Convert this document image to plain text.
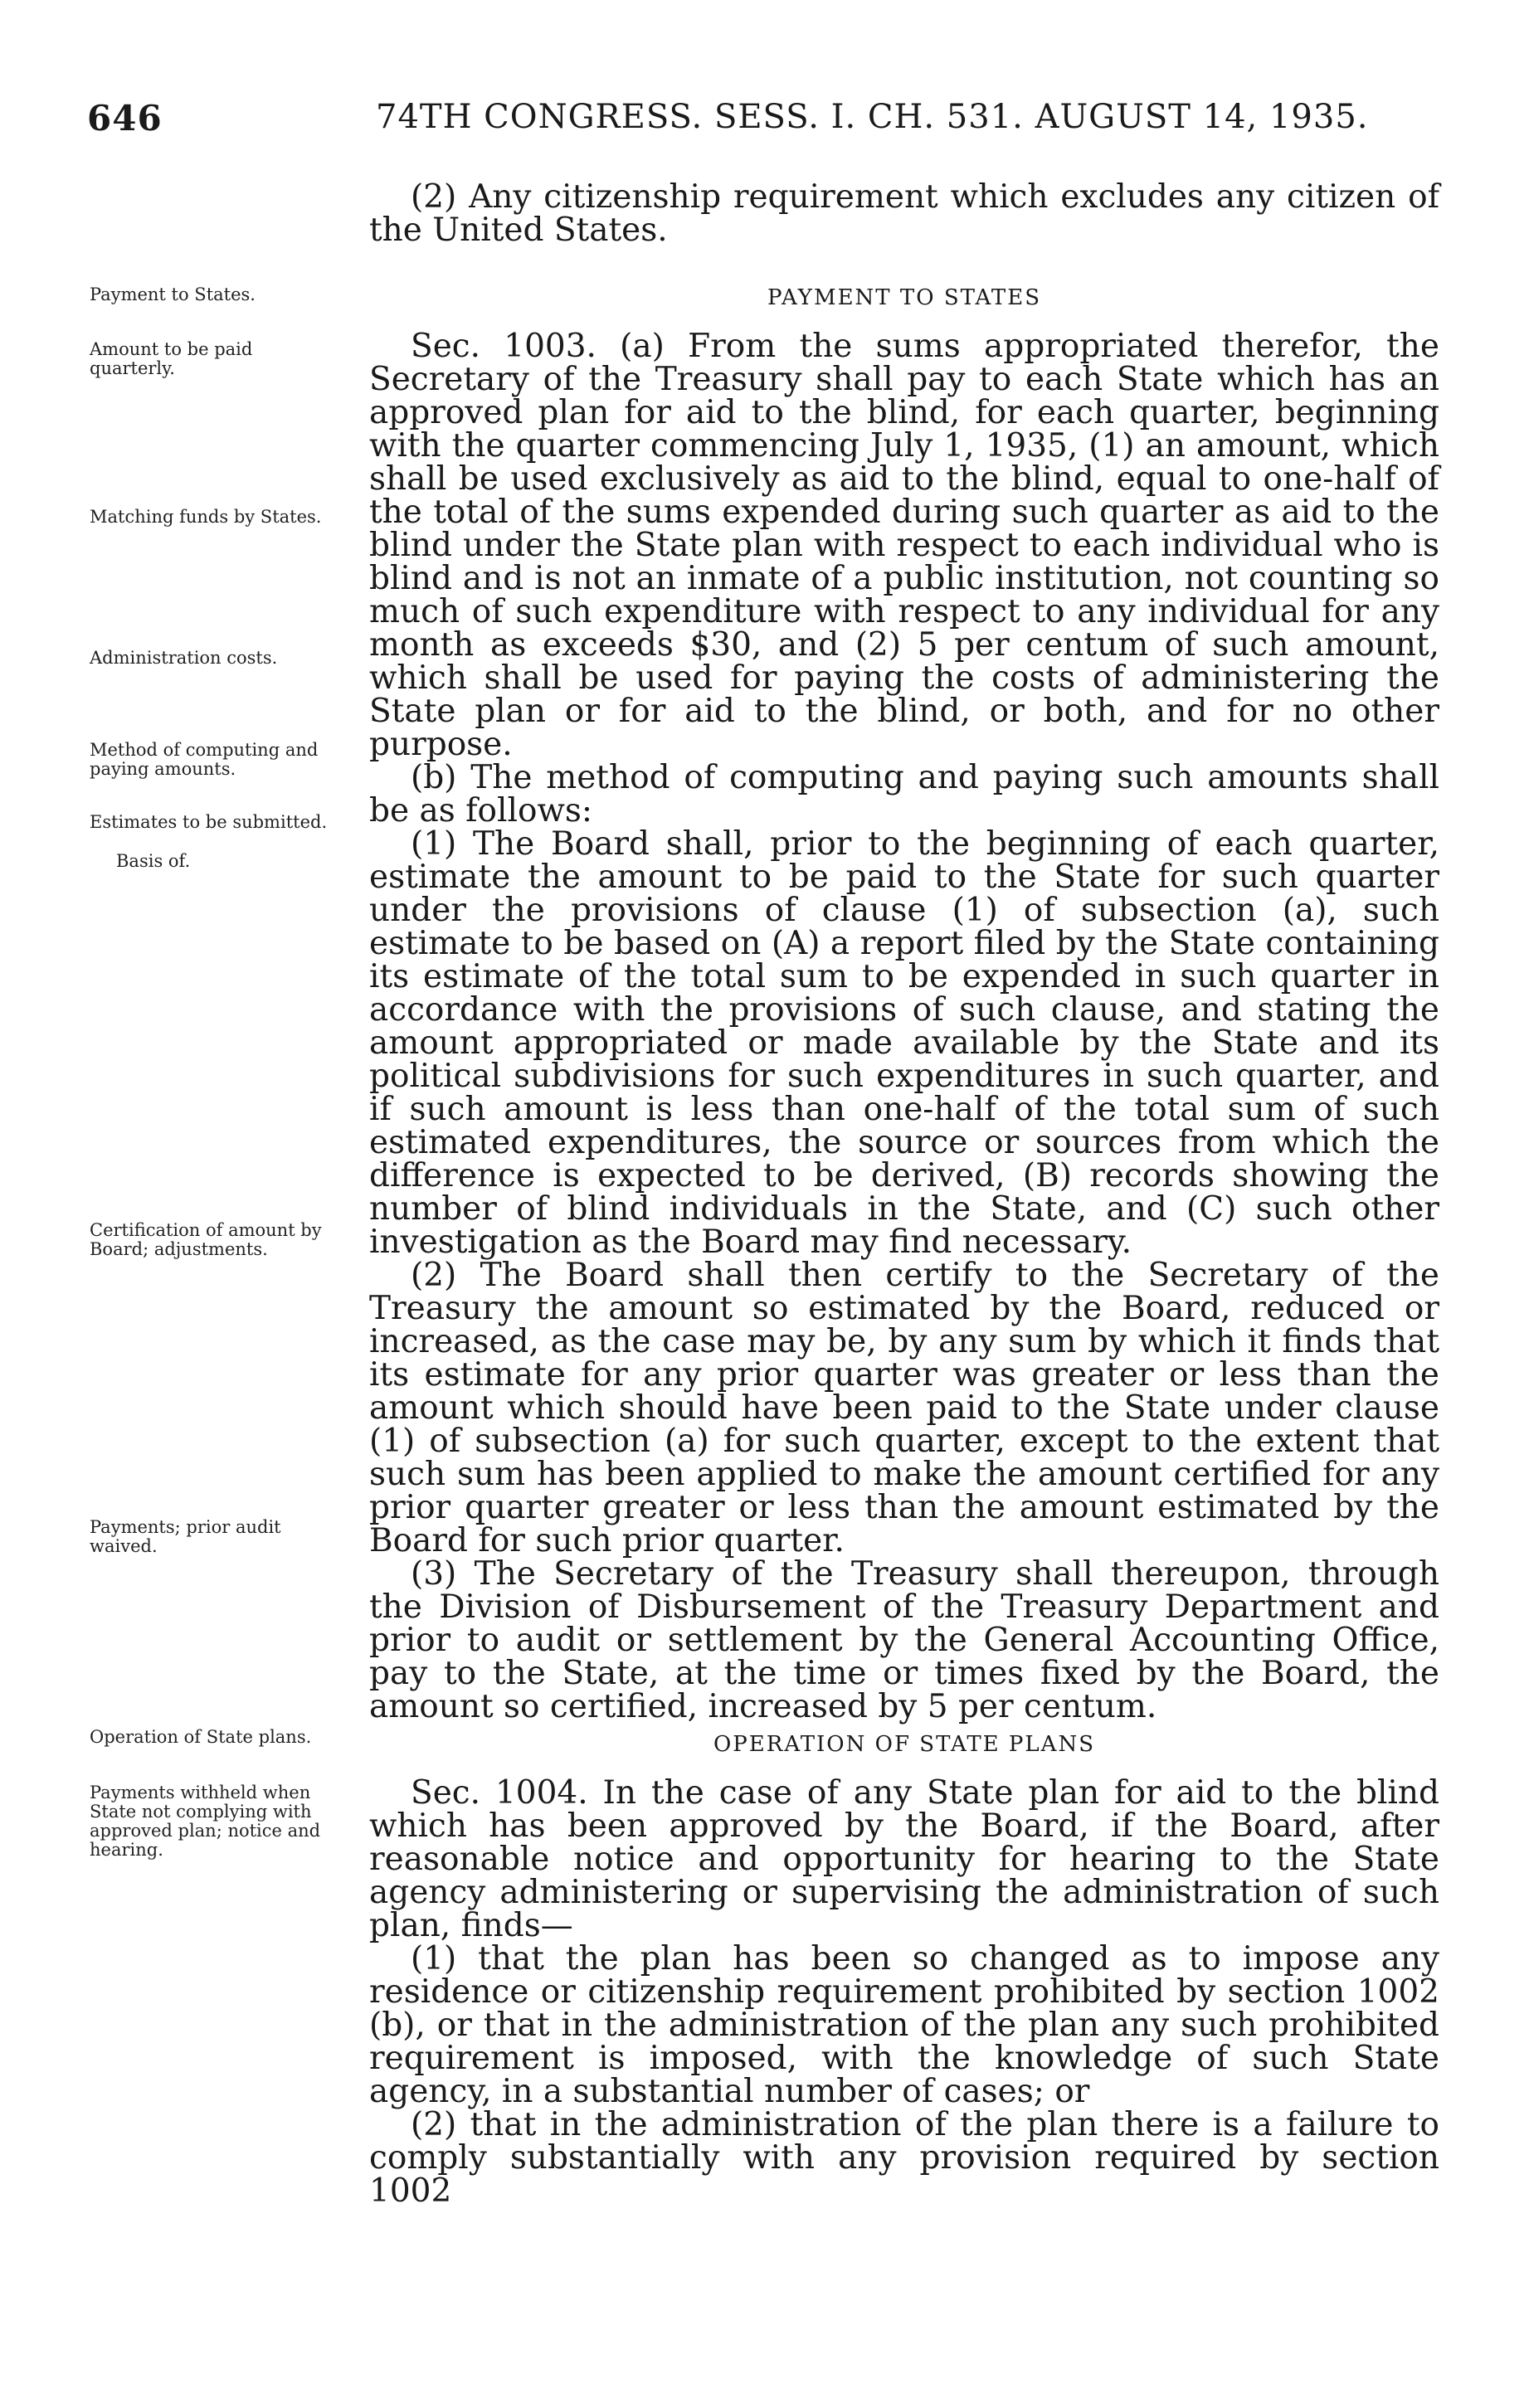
646	74TH CONGRESS. SESS. I. CH. 531. AUGUST 14, 1935.

(2) Any citizenship requirement which excludes any citizen of the United States.

Payment to States.
Amount to be paid quarterly.
Matching funds by States.
Administration costs.
Method of computing and paying amounts.
Estimates to be submitted.
Basis of.
Certification of amount by Board; adjustments.
Payments; prior audit waived.
Operation of State plans.
Payments withheld when State not complying with approved plan; notice and hearing.
PAYMENT TO STATES

Sec. 1003. (a) From the sums appropriated therefor, the Secretary of the Treasury shall pay to each State which has an approved plan for aid to the blind, for each quarter, beginning with the quarter commencing July 1, 1935, (1) an amount, which shall be used exclusively as aid to the blind, equal to one-half of the total of the sums expended during such quarter as aid to the blind under the State plan with respect to each individual who is blind and is not an inmate of a public institution, not counting so much of such expenditure with respect to any individual for any month as exceeds $30, and (2) 5 per centum of such amount, which shall be used for paying the costs of administering the State plan or for aid to the blind, or both, and for no other purpose.

(b) The method of computing and paying such amounts shall be as follows:

(1) The Board shall, prior to the beginning of each quarter, estimate the amount to be paid to the State for such quarter under the provisions of clause (1) of subsection (a), such estimate to be based on (A) a report filed by the State containing its estimate of the total sum to be expended in such quarter in accordance with the provisions of such clause, and stating the amount appropriated or made available by the State and its political subdivisions for such expenditures in such quarter, and if such amount is less than one-half of the total sum of such estimated expenditures, the source or sources from which the difference is expected to be derived, (B) records showing the number of blind individuals in the State, and (C) such other investigation as the Board may find necessary.

(2) The Board shall then certify to the Secretary of the Treasury the amount so estimated by the Board, reduced or increased, as the case may be, by any sum by which it finds that its estimate for any prior quarter was greater or less than the amount which should have been paid to the State under clause (1) of subsection (a) for such quarter, except to the extent that such sum has been applied to make the amount certified for any prior quarter greater or less than the amount estimated by the Board for such prior quarter.

(3) The Secretary of the Treasury shall thereupon, through the Division of Disbursement of the Treasury Department and prior to audit or settlement by the General Accounting Office, pay to the State, at the time or times fixed by the Board, the amount so certified, increased by 5 per centum.

OPERATION OF STATE PLANS

Sec. 1004. In the case of any State plan for aid to the blind which has been approved by the Board, if the Board, after reasonable notice and opportunity for hearing to the State agency administering or supervising the administration of such plan, finds—

(1) that the plan has been so changed as to impose any residence or citizenship requirement prohibited by section 1002 (b), or that in the administration of the plan any such prohibited requirement is imposed, with the knowledge of such State agency, in a substantial number of cases; or

(2) that in the administration of the plan there is a failure to comply substantially with any provision required by section 1002
